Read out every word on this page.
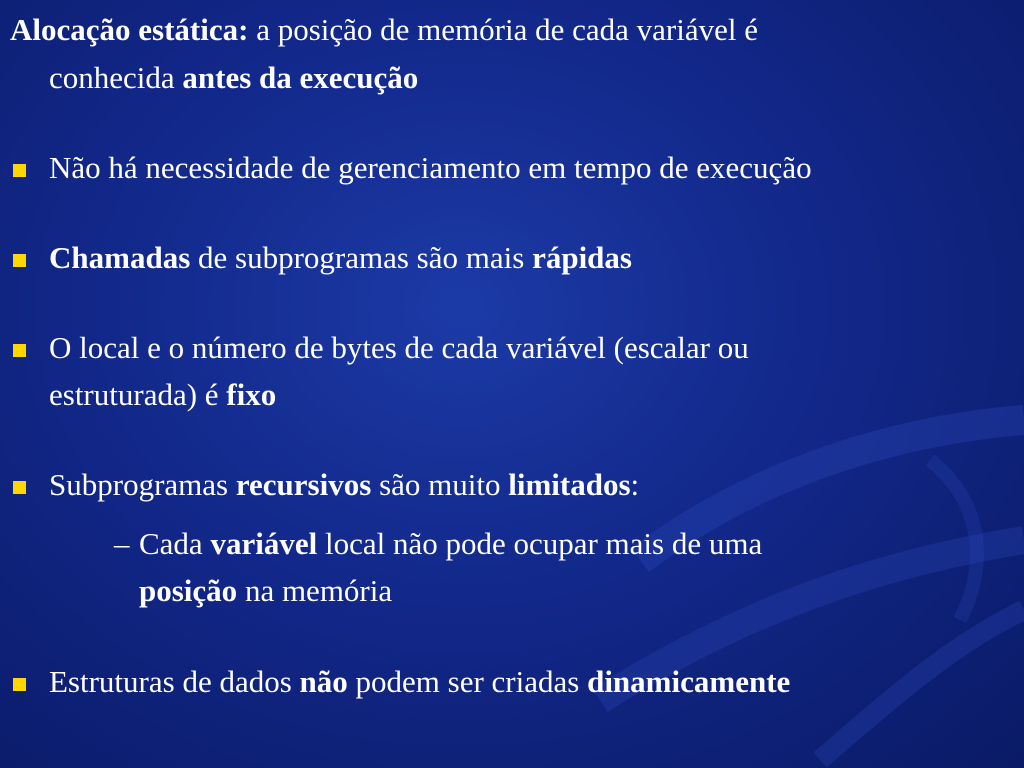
Alocação estática: a posição de memória de cada variável é
conhecida antes da execução
Não há necessidade de gerenciamento em tempo de execução
Chamadas de subprogramas são mais rápidas
O local e o número de bytes de cada variável (escalar ou
estruturada) é fixo
Subprogramas recursivos são muito limitados:
– Cada variável local não pode ocupar mais de uma
posição na memória
Estruturas de dados não podem ser criadas dinamicamente
